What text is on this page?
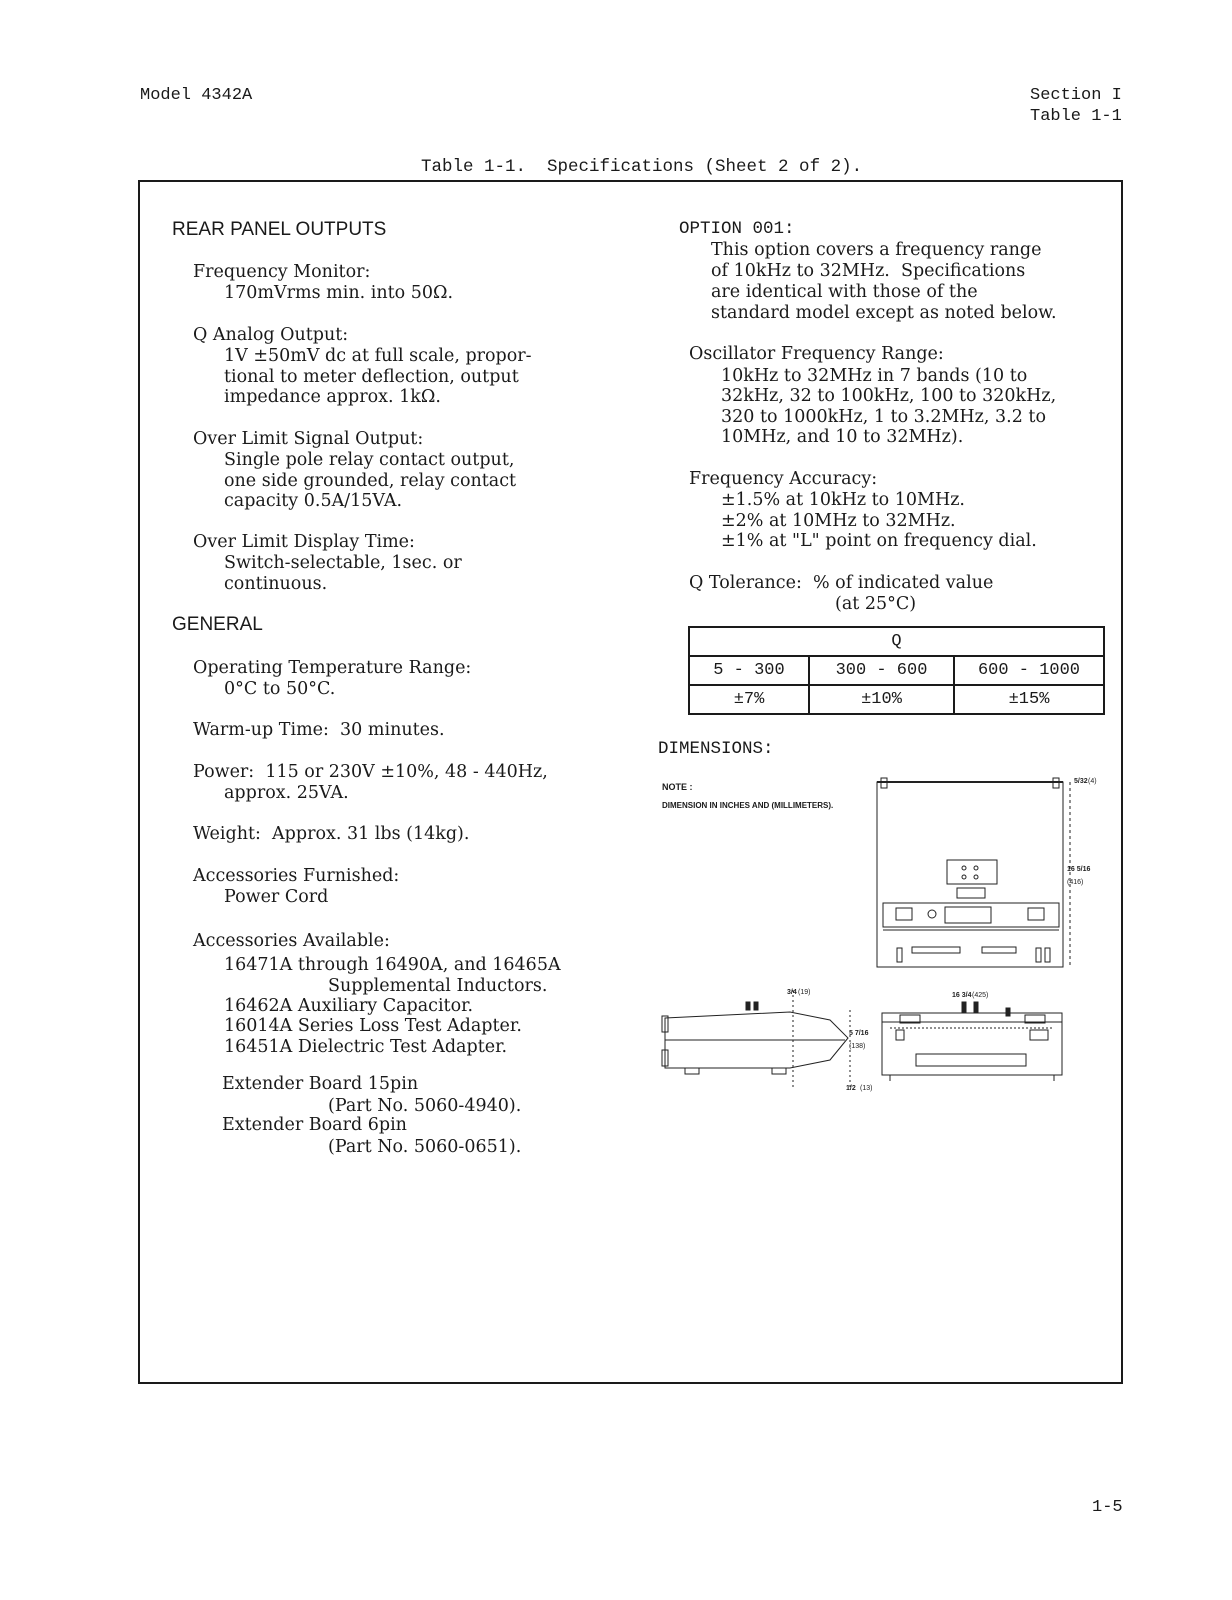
Model 4342A	Section I
Table 1-1
Table 1-1.  Specifications (Sheet 2 of 2).
REAR PANEL OUTPUTS
Frequency Monitor:
170mVrms min. into 50Ω.
Q Analog Output:
1V ±50mV dc at full scale, propor-
tional to meter deflection, output
impedance approx. 1kΩ.
Over Limit Signal Output:
Single pole relay contact output,
one side grounded, relay contact
capacity 0.5A/15VA.
Over Limit Display Time:
Switch-selectable, 1sec. or
continuous.
GENERAL
Operating Temperature Range:
0°C to 50°C.
Warm-up Time:  30 minutes.
Power:  115 or 230V ±10%, 48 - 440Hz,
approx. 25VA.
Weight:  Approx. 31 lbs (14kg).
Accessories Furnished:
Power Cord
Accessories Available:
16471A through 16490A, and 16465A
Supplemental Inductors.
16462A Auxiliary Capacitor.
16014A Series Loss Test Adapter.
16451A Dielectric Test Adapter.
Extender Board 15pin
(Part No. 5060-4940).
Extender Board 6pin
(Part No. 5060-0651).
OPTION 001:
This option covers a frequency range
of 10kHz to 32MHz.  Specifications
are identical with those of the
standard model except as noted below.
Oscillator Frequency Range:
10kHz to 32MHz in 7 bands (10 to
32kHz, 32 to 100kHz, 100 to 320kHz,
320 to 1000kHz, 1 to 3.2MHz, 3.2 to
10MHz, and 10 to 32MHz).
Frequency Accuracy:
±1.5% at 10kHz to 10MHz.
±2% at 10MHz to 32MHz.
±1% at "L" point on frequency dial.
Q Tolerance:  % of indicated value
(at 25°C)
Q		
5 - 300	300 - 600	600 - 1000
±7%	±10%	±15%
DIMENSIONS:
NOTE :
DIMENSION IN INCHES AND (MILLIMETERS).
5/32 (4)
16 5/16
(416)
3/4 (19)	16 3/4 (425)
5 7/16
(138)
1/2 (13)
1-5
